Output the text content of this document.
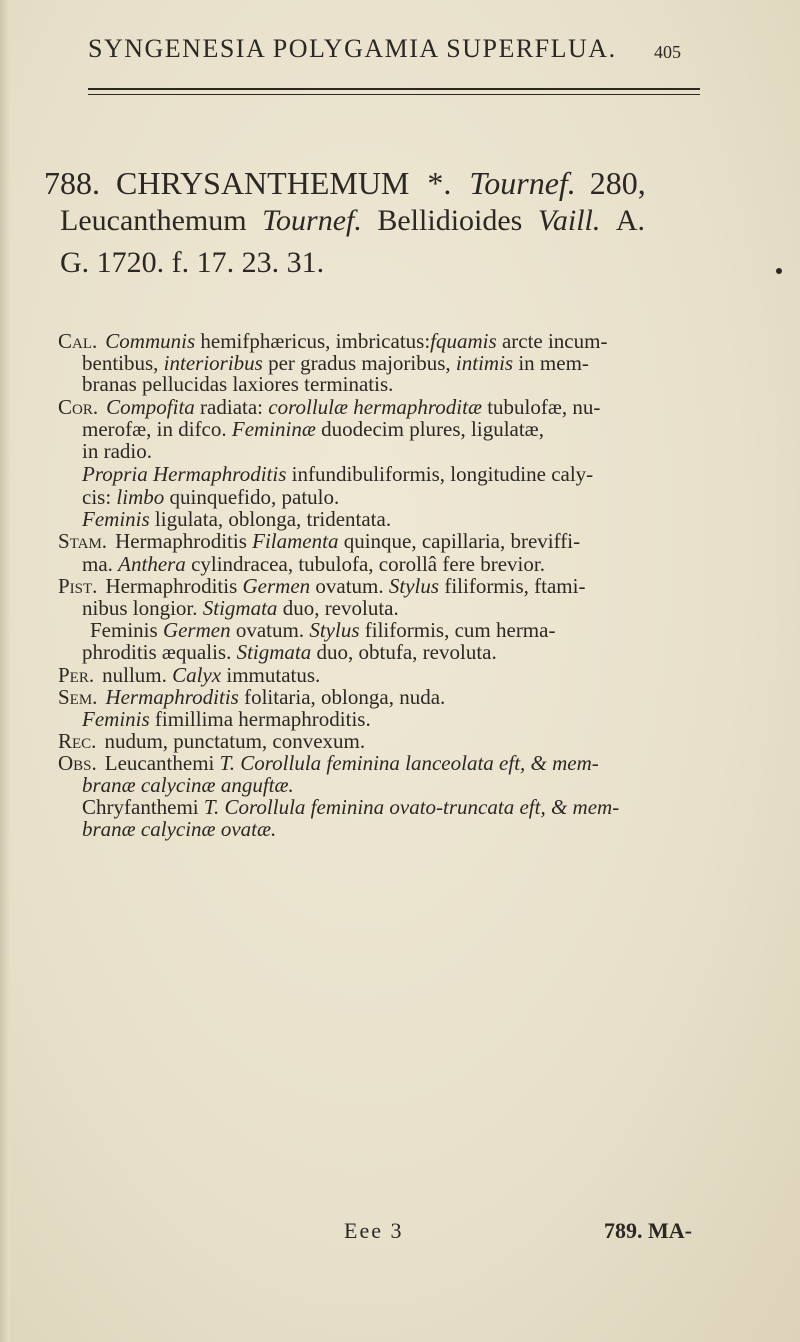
SYNGENESIA POLYGAMIA SUPERFLUA.	405
788. CHRYSANTHEMUM *. Tournef. 280,
Leucanthemum Tournef. Bellidioides Vaill. A.
G. 1720. f. 17. 23. 31.
Cal. Communis hemifphæricus, imbricatus:fquamis arcte incum-
bentibus, interioribus per gradus majoribus, intimis in mem-
branas pellucidas laxiores terminatis.
Cor. Compofita radiata: corollulæ hermaphroditæ tubulofæ, nu-
merofæ, in difco. Femininæ duodecim plures, ligulatæ,
in radio.
Propria Hermaphroditis infundibuliformis, longitudine caly-
cis: limbo quinquefido, patulo.
Feminis ligulata, oblonga, tridentata.
Stam. Hermaphroditis Filamenta quinque, capillaria, breviffi-
ma. Anthera cylindracea, tubulofa, corollâ fere brevior.
Pist. Hermaphroditis Germen ovatum. Stylus filiformis, ftami-
nibus longior. Stigmata duo, revoluta.
Feminis Germen ovatum. Stylus filiformis, cum herma-
phroditis æqualis. Stigmata duo, obtufa, revoluta.
Per. nullum. Calyx immutatus.
Sem. Hermaphroditis folitaria, oblonga, nuda.
Feminis fimillima hermaphroditis.
Rec. nudum, punctatum, convexum.
Obs. Leucanthemi T. Corollula feminina lanceolata eft, & mem-
branæ calycinæ anguftæ.
Chryfanthemi T. Corollula feminina ovato-truncata eft, & mem-
branæ calycinæ ovatæ.
Eee 3	789. MA-
